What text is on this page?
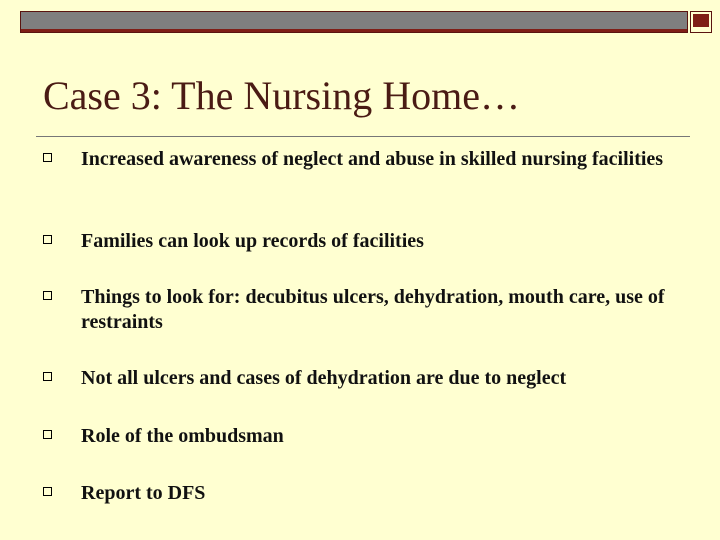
Case 3: The Nursing Home…
Increased awareness of neglect and abuse in skilled nursing facilities
Families can look up records of facilities
Things to look for: decubitus ulcers, dehydration, mouth care, use of restraints
Not all ulcers and cases of dehydration are due to neglect
Role of the ombudsman
Report to DFS
